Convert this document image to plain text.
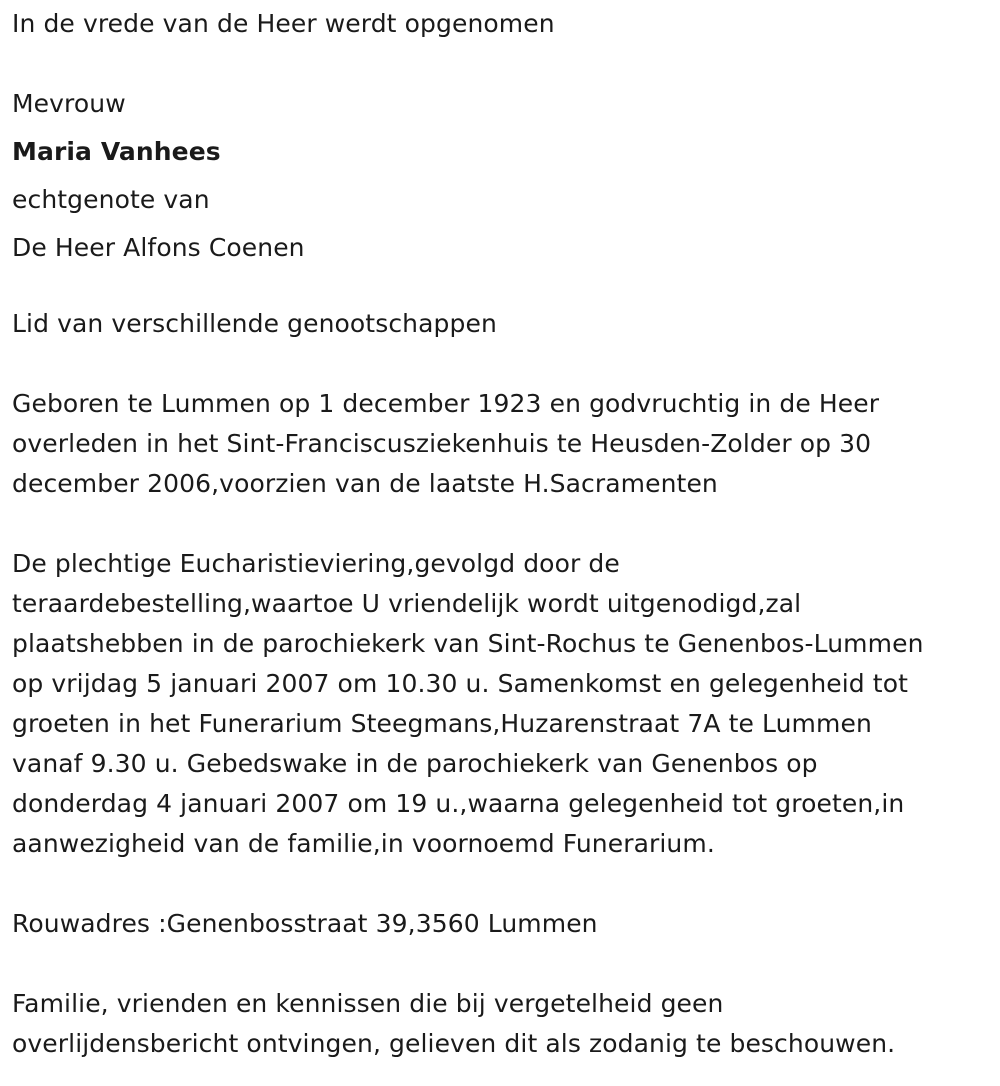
In de vrede van de Heer werdt opgenomen
Mevrouw
Maria Vanhees
echtgenote van
De Heer Alfons Coenen
Lid van verschillende genootschappen
Geboren te Lummen op 1 december 1923 en godvruchtig in de Heer
overleden in het Sint-Franciscusziekenhuis te Heusden-Zolder op 30
december 2006,voorzien van de laatste H.Sacramenten
De plechtige Eucharistieviering,gevolgd door de
teraardebestelling,waartoe U vriendelijk wordt uitgenodigd,zal
plaatshebben in de parochiekerk van Sint-Rochus te Genenbos-Lummen
op vrijdag 5 januari 2007 om 10.30 u. Samenkomst en gelegenheid tot
groeten in het Funerarium Steegmans,Huzarenstraat 7A te Lummen
vanaf 9.30 u. Gebedswake in de parochiekerk van Genenbos op
donderdag 4 januari 2007 om 19 u.,waarna gelegenheid tot groeten,in
aanwezigheid van de familie,in voornoemd Funerarium.
Rouwadres :Genenbosstraat 39,3560 Lummen
Familie, vrienden en kennissen die bij vergetelheid geen
overlijdensbericht ontvingen, gelieven dit als zodanig te beschouwen.
